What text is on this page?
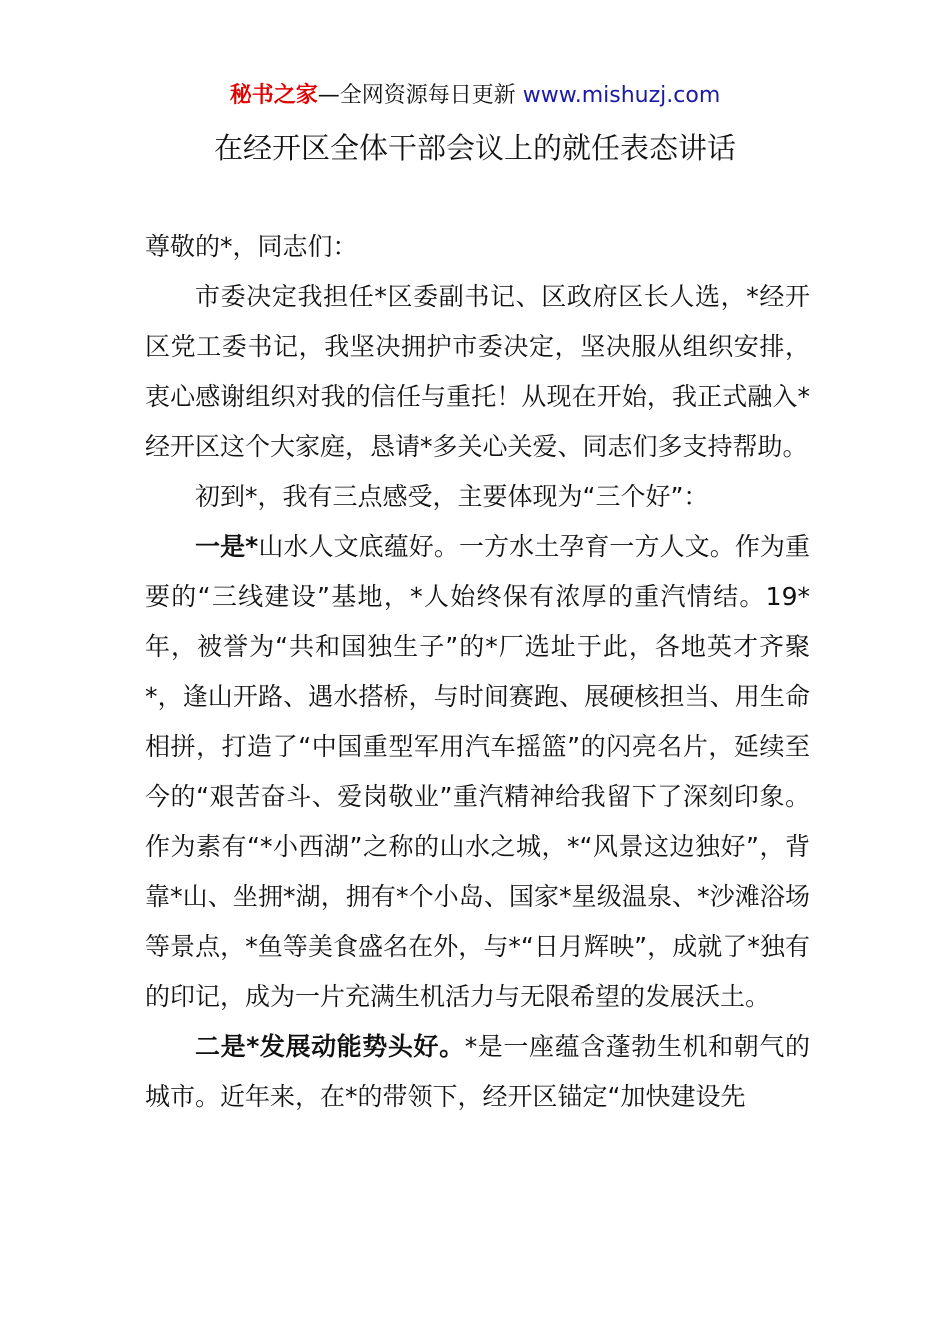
秘书之家—全网资源每日更新 www.mishuzj.com
在经开区全体干部会议上的就任表态讲话

尊敬的*，同志们：

市委决定我担任*区委副书记、区政府区长人选，*经开区党工委书记，我坚决拥护市委决定，坚决服从组织安排，衷心感谢组织对我的信任与重托！从现在开始，我正式融入*经开区这个大家庭，恳请*多关心关爱、同志们多支持帮助。

初到*，我有三点感受，主要体现为“三个好”：

一是*山水人文底蕴好。一方水土孕育一方人文。作为重要的“三线建设”基地，*人始终保有浓厚的重汽情结。19*年，被誉为“共和国独生子”的*厂选址于此，各地英才齐聚*，逢山开路、遇水搭桥，与时间赛跑、展硬核担当、用生命相拼，打造了“中国重型军用汽车摇篮”的闪亮名片，延续至今的“艰苦奋斗、爱岗敬业”重汽精神给我留下了深刻印象。作为素有“*小西湖”之称的山水之城，*“风景这边独好”，背靠*山、坐拥*湖，拥有*个小岛、国家*星级温泉、*沙滩浴场等景点，*鱼等美食盛名在外，与*“日月辉映”，成就了*独有的印记，成为一片充满生机活力与无限希望的发展沃土。

二是*发展动能势头好。*是一座蕴含蓬勃生机和朝气的城市。近年来，在*的带领下，经开区锚定“加快建设先
